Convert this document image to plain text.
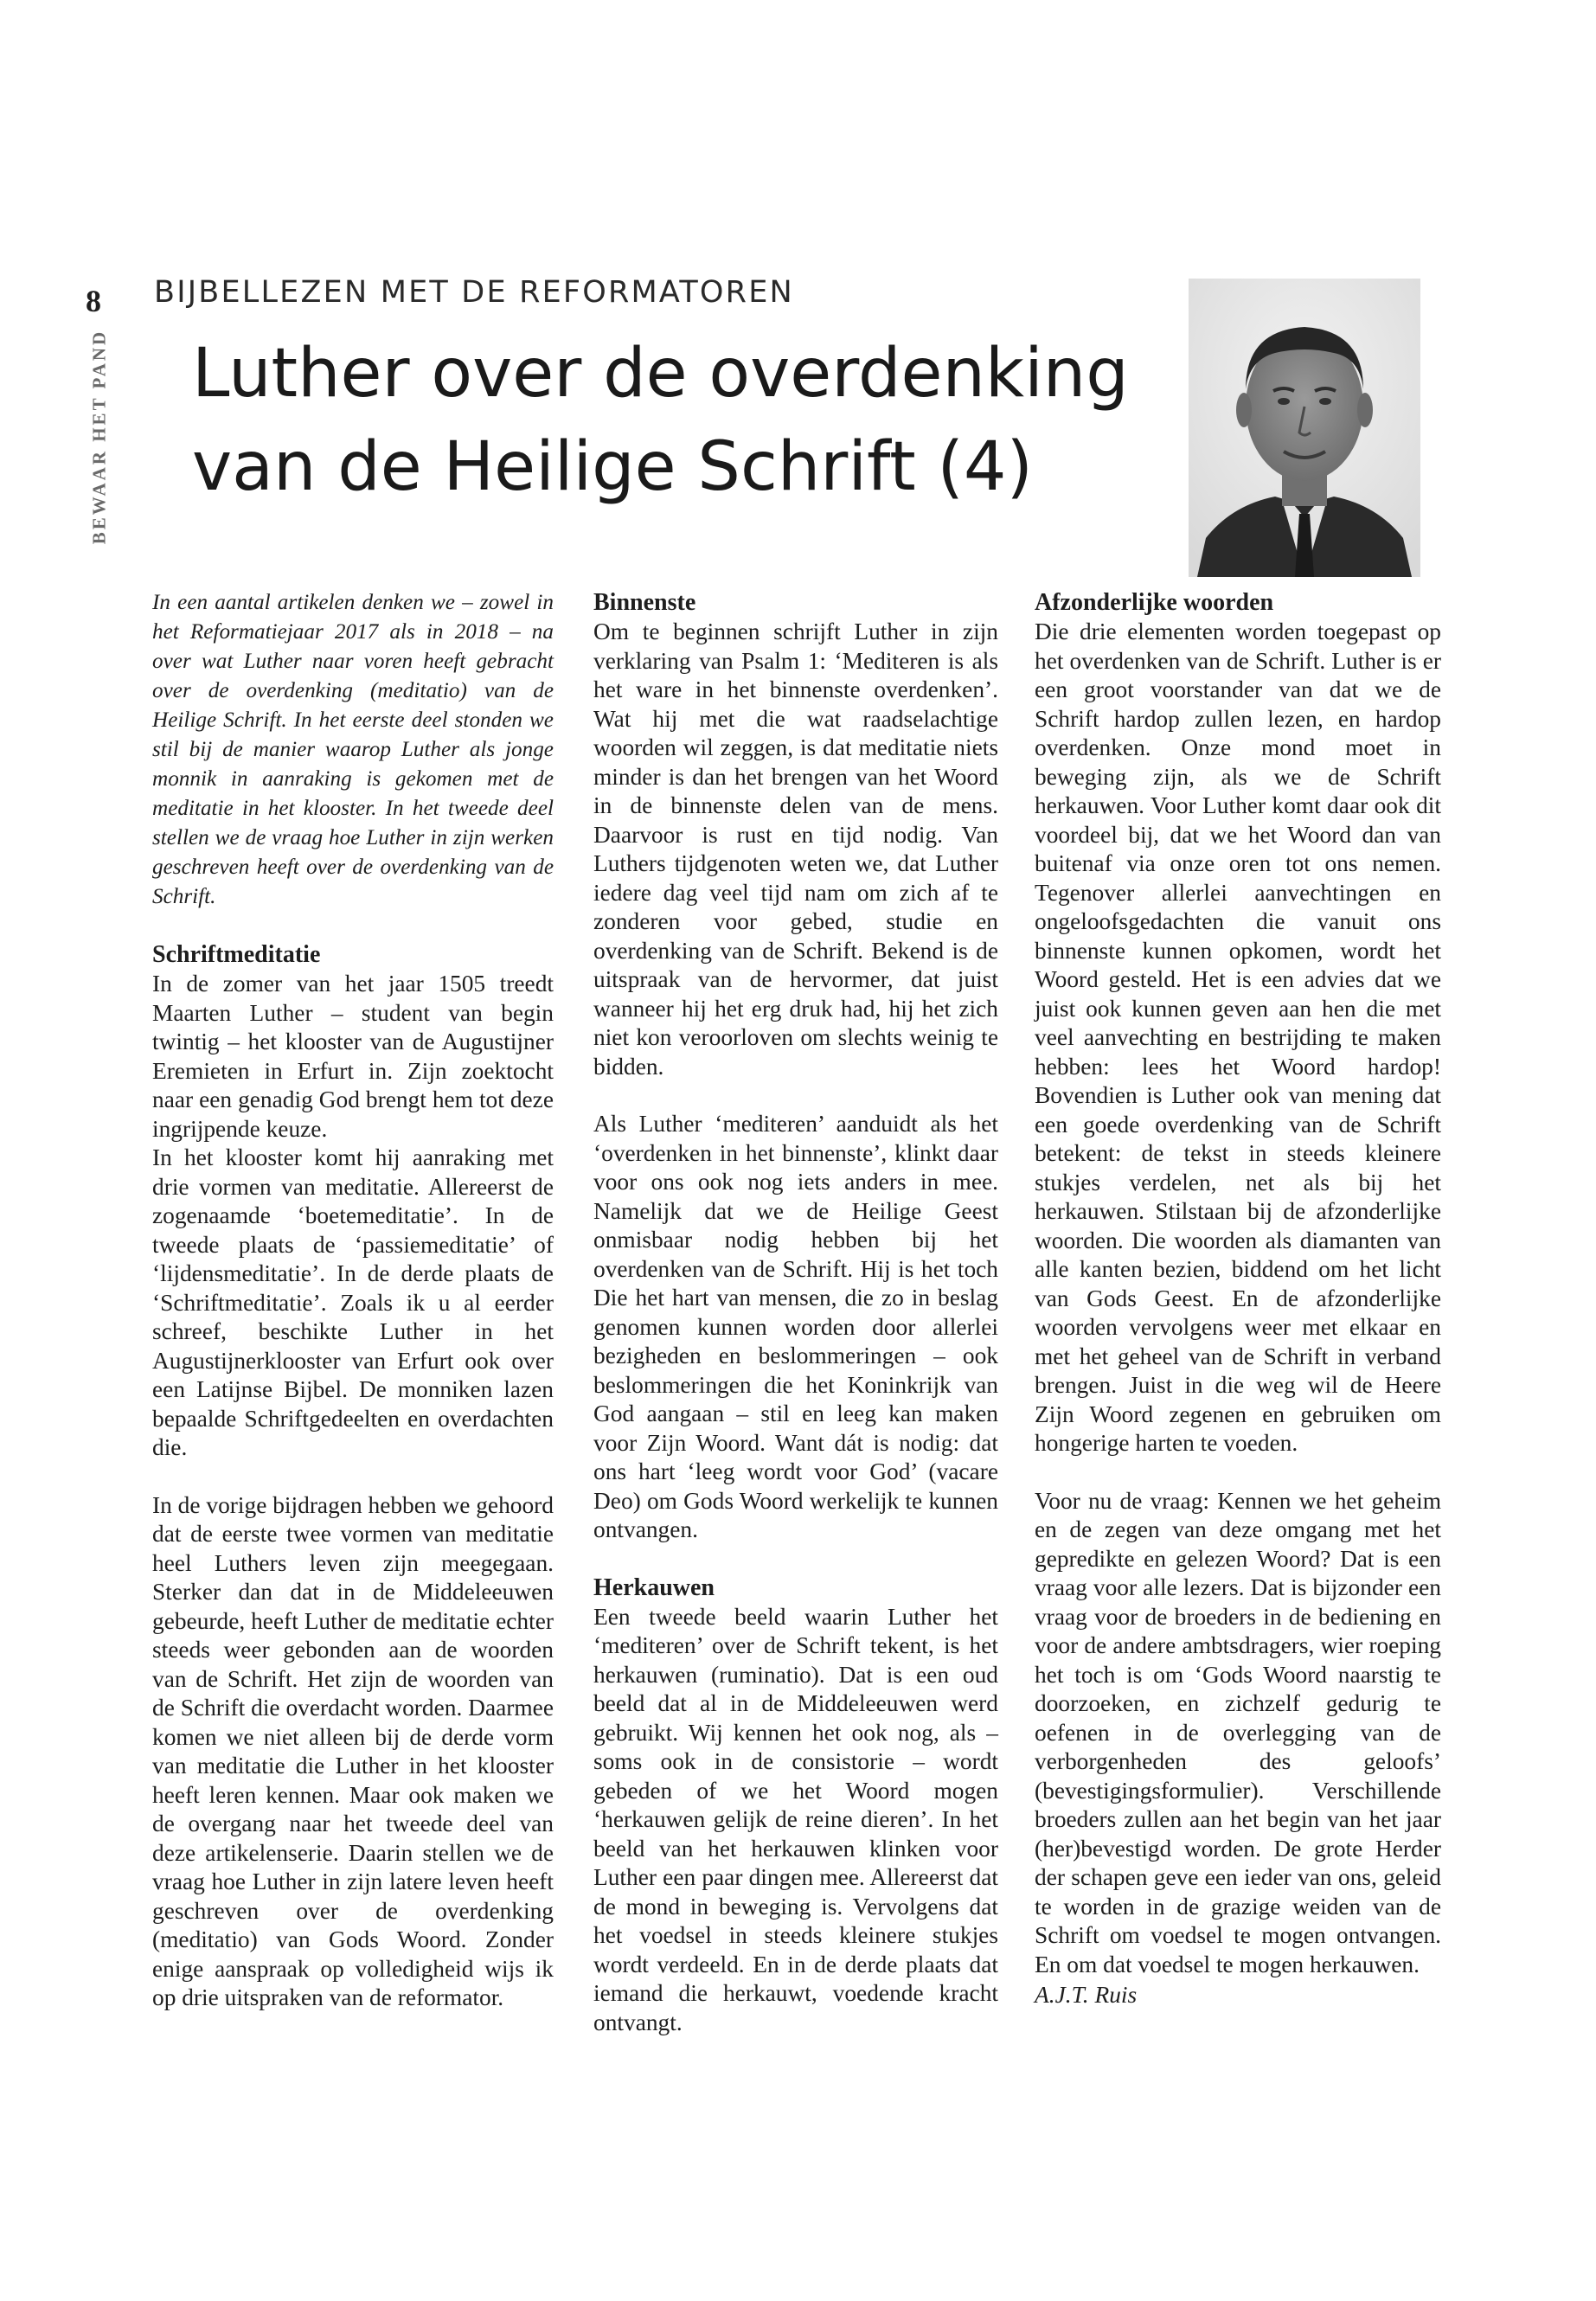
8	BIJBELLEZEN MET DE REFORMATOREN
BEWAAR HET PAND Luther over de overdenking
van de Heilige Schrift (4)

In een aantal artikelen denken we – zowel in het Reformatiejaar 2017 als in 2018 – na over wat Luther naar voren heeft gebracht over de overdenking (meditatio) van de Heilige Schrift. In het eerste deel stonden we stil bij de manier waarop Luther als jonge monnik in aanraking is gekomen met de meditatie in het klooster. In het tweede deel stellen we de vraag hoe Luther in zijn werken geschreven heeft over de overdenking van de Schrift.

Schriftmeditatie

In de zomer van het jaar 1505 treedt Maarten Luther – student van begin twintig – het klooster van de Augustijner Eremieten in Erfurt in. Zijn zoektocht naar een genadig God brengt hem tot deze ingrijpende keuze.

In het klooster komt hij aanraking met drie vormen van meditatie. Allereerst de zogenaamde ‘boetemeditatie’. In de tweede plaats de ‘passiemeditatie’ of ‘lijdensmeditatie’. In de derde plaats de ‘Schriftmeditatie’. Zoals ik u al eerder schreef, beschikte Luther in het Augustijnerklooster van Erfurt ook over een Latijnse Bijbel. De monniken lazen bepaalde Schriftgedeelten en overdachten die.

In de vorige bijdragen hebben we gehoord dat de eerste twee vormen van meditatie heel Luthers leven zijn meegegaan. Sterker dan dat in de Middeleeuwen gebeurde, heeft Luther de meditatie echter steeds weer gebonden aan de woorden van de Schrift. Het zijn de woorden van de Schrift die overdacht worden. Daarmee komen we niet alleen bij de derde vorm van meditatie die Luther in het klooster heeft leren kennen. Maar ook maken we de overgang naar het tweede deel van deze artikelenserie. Daarin stellen we de vraag hoe Luther in zijn latere leven heeft geschreven over de overdenking (meditatio) van Gods Woord. Zonder enige aanspraak op volledigheid wijs ik op drie uitspraken van de reformator.

Binnenste

Om te beginnen schrijft Luther in zijn verklaring van Psalm 1: ‘Mediteren is als het ware in het binnenste overdenken’. Wat hij met die wat raadselachtige woorden wil zeggen, is dat meditatie niets minder is dan het brengen van het Woord in de binnenste delen van de mens. Daarvoor is rust en tijd nodig. Van Luthers tijdgenoten weten we, dat Luther iedere dag veel tijd nam om zich af te zonderen voor gebed, studie en overdenking van de Schrift. Bekend is de uitspraak van de hervormer, dat juist wanneer hij het erg druk had, hij het zich niet kon veroorloven om slechts weinig te bidden.

Als Luther ‘mediteren’ aanduidt als het ‘overdenken in het binnenste’, klinkt daar voor ons ook nog iets anders in mee. Namelijk dat we de Heilige Geest onmisbaar nodig hebben bij het overdenken van de Schrift. Hij is het toch Die het hart van mensen, die zo in beslag genomen kunnen worden door allerlei bezigheden en beslommeringen – ook beslommeringen die het Koninkrijk van God aangaan – stil en leeg kan maken voor Zijn Woord. Want dát is nodig: dat ons hart ‘leeg wordt voor God’ (vacare Deo) om Gods Woord werkelijk te kunnen ontvangen.

Herkauwen

Een tweede beeld waarin Luther het ‘mediteren’ over de Schrift tekent, is het herkauwen (ruminatio). Dat is een oud beeld dat al in de Middeleeuwen werd gebruikt. Wij kennen het ook nog, als – soms ook in de consistorie – wordt gebeden of we het Woord mogen ‘herkauwen gelijk de reine dieren’. In het beeld van het herkauwen klinken voor Luther een paar dingen mee. Allereerst dat de mond in beweging is. Vervolgens dat het voedsel in steeds kleinere stukjes wordt verdeeld. En in de derde plaats dat iemand die herkauwt, voedende kracht ontvangt.

Afzonderlijke woorden

Die drie elementen worden toegepast op het overdenken van de Schrift. Luther is er een groot voorstander van dat we de Schrift hardop zullen lezen, en hardop overdenken. Onze mond moet in beweging zijn, als we de Schrift herkauwen. Voor Luther komt daar ook dit voordeel bij, dat we het Woord dan van buitenaf via onze oren tot ons nemen. Tegenover allerlei aanvechtingen en ongeloofsgedachten die vanuit ons binnenste kunnen opkomen, wordt het Woord gesteld. Het is een advies dat we juist ook kunnen geven aan hen die met veel aanvechting en bestrijding te maken hebben: lees het Woord hardop! Bovendien is Luther ook van mening dat een goede overdenking van de Schrift betekent: de tekst in steeds kleinere stukjes verdelen, net als bij het herkauwen. Stilstaan bij de afzonderlijke woorden. Die woorden als diamanten van alle kanten bezien, biddend om het licht van Gods Geest. En de afzonderlijke woorden vervolgens weer met elkaar en met het geheel van de Schrift in verband brengen. Juist in die weg wil de Heere Zijn Woord zegenen en gebruiken om hongerige harten te voeden.

Voor nu de vraag: Kennen we het geheim en de zegen van deze omgang met het gepredikte en gelezen Woord? Dat is een vraag voor alle lezers. Dat is bijzonder een vraag voor de broeders in de bediening en voor de andere ambtsdragers, wier roeping het toch is om ‘Gods Woord naarstig te doorzoeken, en zichzelf gedurig te oefenen in de overlegging van de verborgenheden des geloofs’ (bevestigingsformulier). Verschillende broeders zullen aan het begin van het jaar (her)bevestigd worden. De grote Herder der schapen geve een ieder van ons, geleid te worden in de grazige weiden van de Schrift om voedsel te mogen ontvangen. En om dat voedsel te mogen herkauwen.

A.J.T. Ruis
